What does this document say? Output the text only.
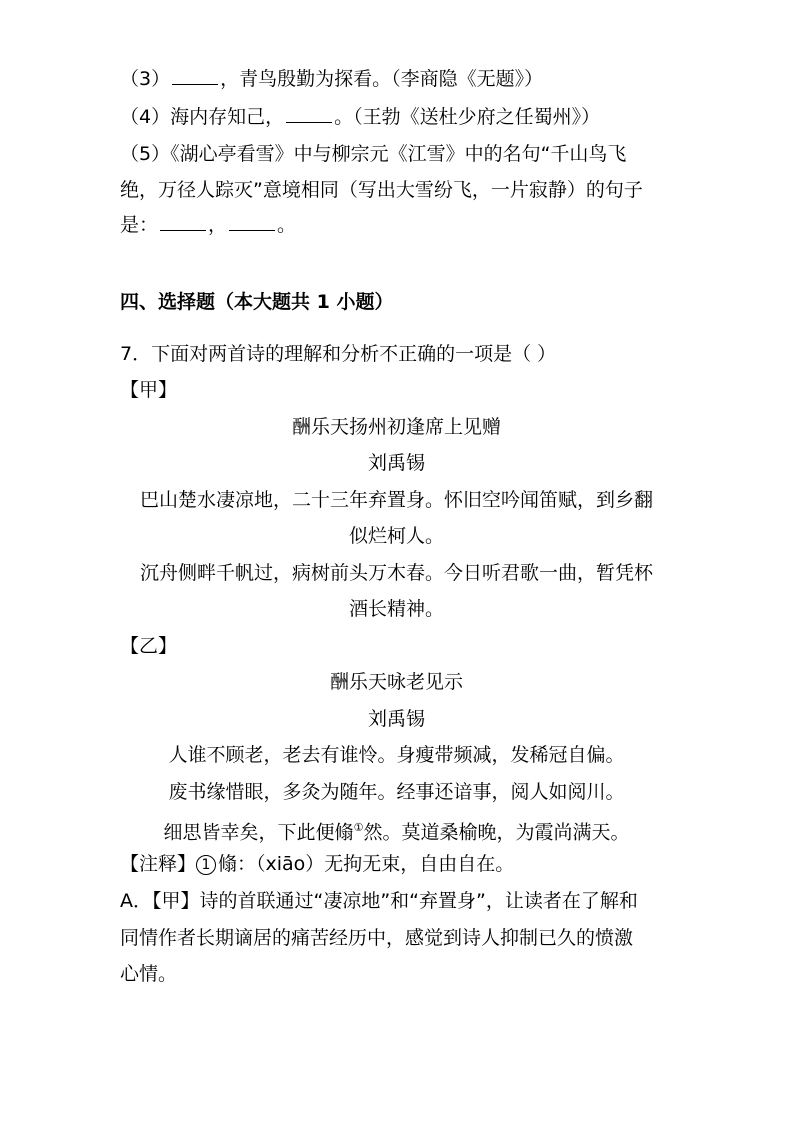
（3）	，青鸟殷勤为探看。（李商隐《无题》）
（4）海内存知己，	。（王勃《送杜少府之任蜀州》）
（5）《湖心亭看雪》中与柳宗元《江雪》中的名句“千山鸟飞
绝，万径人踪灭”意境相同（写出大雪纷飞，一片寂静）的句子
是：	，	。
四、选择题（本大题共 1 小题）
7．下面对两首诗的理解和分析不正确的一项是（ ）
【甲】
酬乐天扬州初逢席上见赠
刘禹锡
巴山楚水凄凉地，二十三年弃置身。怀旧空吟闻笛赋，到乡翻
似烂柯人。
沉舟侧畔千帆过，病树前头万木春。今日听君歌一曲，暂凭杯
酒长精神。
【乙】
酬乐天咏老见示
刘禹锡
人谁不顾老，老去有谁怜。身瘦带频减，发稀冠自偏。
废书缘惜眼，多灸为随年。经事还谙事，阅人如阅川。
细思皆幸矣，下此便翛①然。莫道桑榆晚，为霞尚满天。
【注释】 1 翛：（xiāo）无拘无束，自由自在。
A．【甲】诗的首联通过“凄凉地”和“弃置身”，让读者在了解和
同情作者长期谪居的痛苦经历中，感觉到诗人抑制已久的愤激
心情。
